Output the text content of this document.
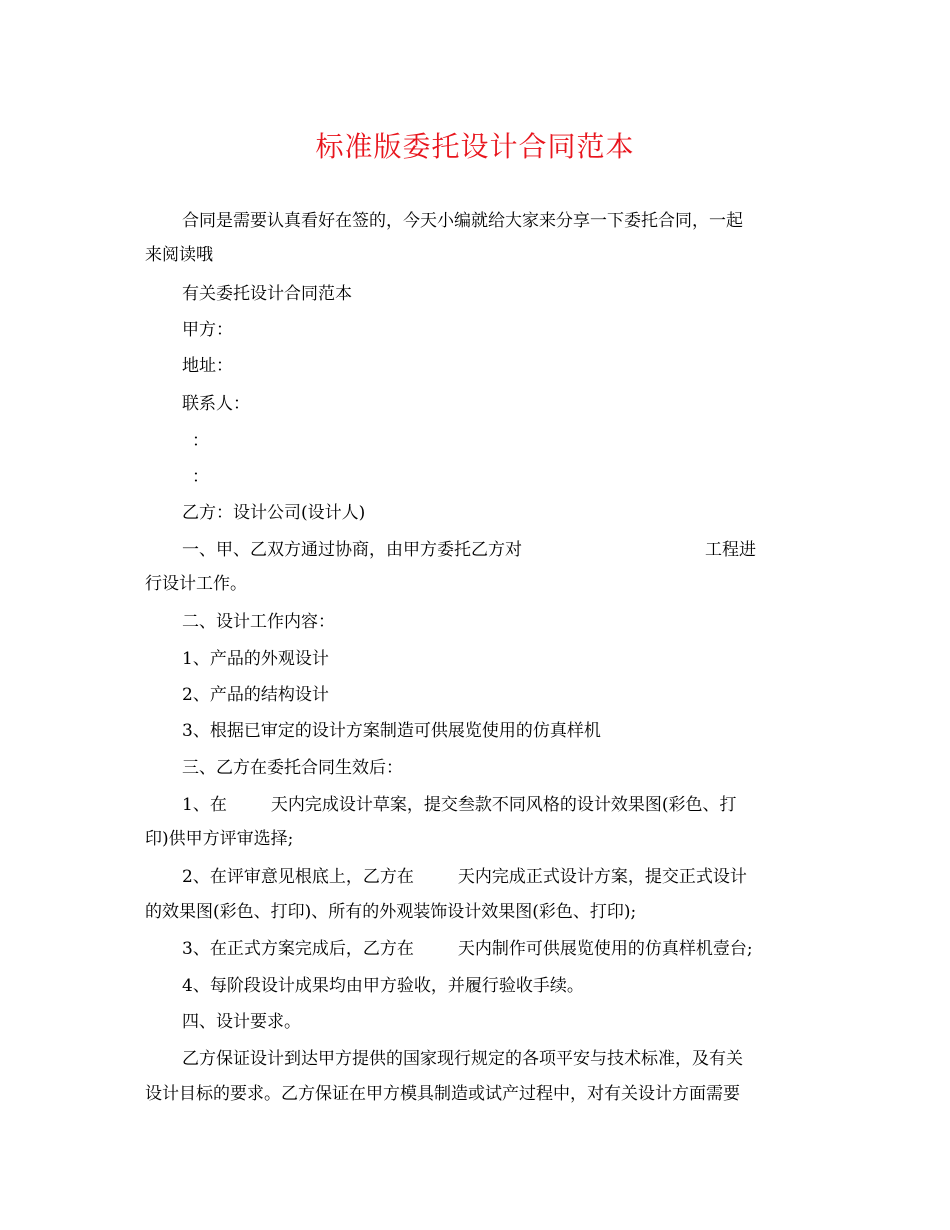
标准版委托设计合同范本
合同是需要认真看好在签的，今天小编就给大家来分享一下委托合同，一起
来阅读哦
有关委托设计合同范本
甲方：
地址：
联系人：
：
：
乙方：设计公司(设计人)
一、甲、乙双方通过协商，由甲方委托乙方对	工程进
行设计工作。
二、设计工作内容：
1、产品的外观设计
2、产品的结构设计
3、根据已审定的设计方案制造可供展览使用的仿真样机
三、乙方在委托合同生效后：
1、在	天内完成设计草案，提交叁款不同风格的设计效果图(彩色、打
印)供甲方评审选择;
2、在评审意见根底上，乙方在	天内完成正式设计方案，提交正式设计
的效果图(彩色、打印)、所有的外观装饰设计效果图(彩色、打印);
3、在正式方案完成后，乙方在	天内制作可供展览使用的仿真样机壹台;
4、每阶段设计成果均由甲方验收，并履行验收手续。
四、设计要求。
乙方保证设计到达甲方提供的国家现行规定的各项平安与技术标准，及有关
设计目标的要求。乙方保证在甲方模具制造或试产过程中，对有关设计方面需要
